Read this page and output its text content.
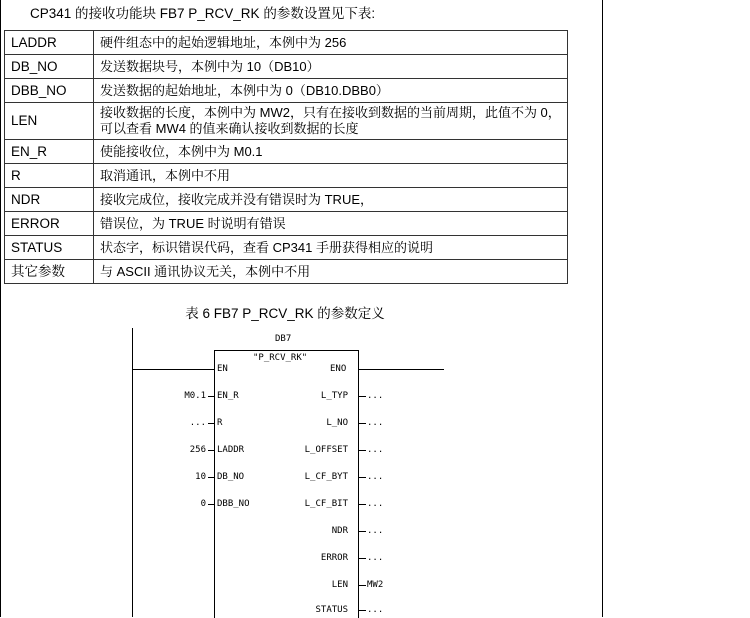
CP341 的接收功能块 FB7 P_RCV_RK 的参数设置见下表:
LADDR	硬件组态中的起始逻辑地址，本例中为 256
DB_NO	发送数据块号，本例中为 10（DB10）
DBB_NO	发送数据的起始地址，本例中为 0（DB10.DBB0）
LEN	接收数据的长度，本例中为 MW2，只有在接收到数据的当前周期，此值不为 0，可以查看 MW4 的值来确认接收到数据的长度
EN_R	使能接收位，本例中为 M0.1
R	取消通讯，本例中不用
NDR	接收完成位，接收完成并没有错误时为 TRUE，
ERROR	错误位，为 TRUE 时说明有错误
STATUS	状态字，标识错误代码，查看 CP341 手册获得相应的说明
其它参数	与 ASCII 通讯协议无关，本例中不用
表 6 FB7 P_RCV_RK 的参数定义
DB7
"P_RCV_RK"
EN	ENO
M0.1 EN_R
... R
256 LADDR
10 DB_NO
0 DBB_NO
L_TYP ...
L_NO ...
L_OFFSET ...
L_CF_BYT ...
L_CF_BIT ...
NDR ...
ERROR ...
LEN MW2
STATUS ...
